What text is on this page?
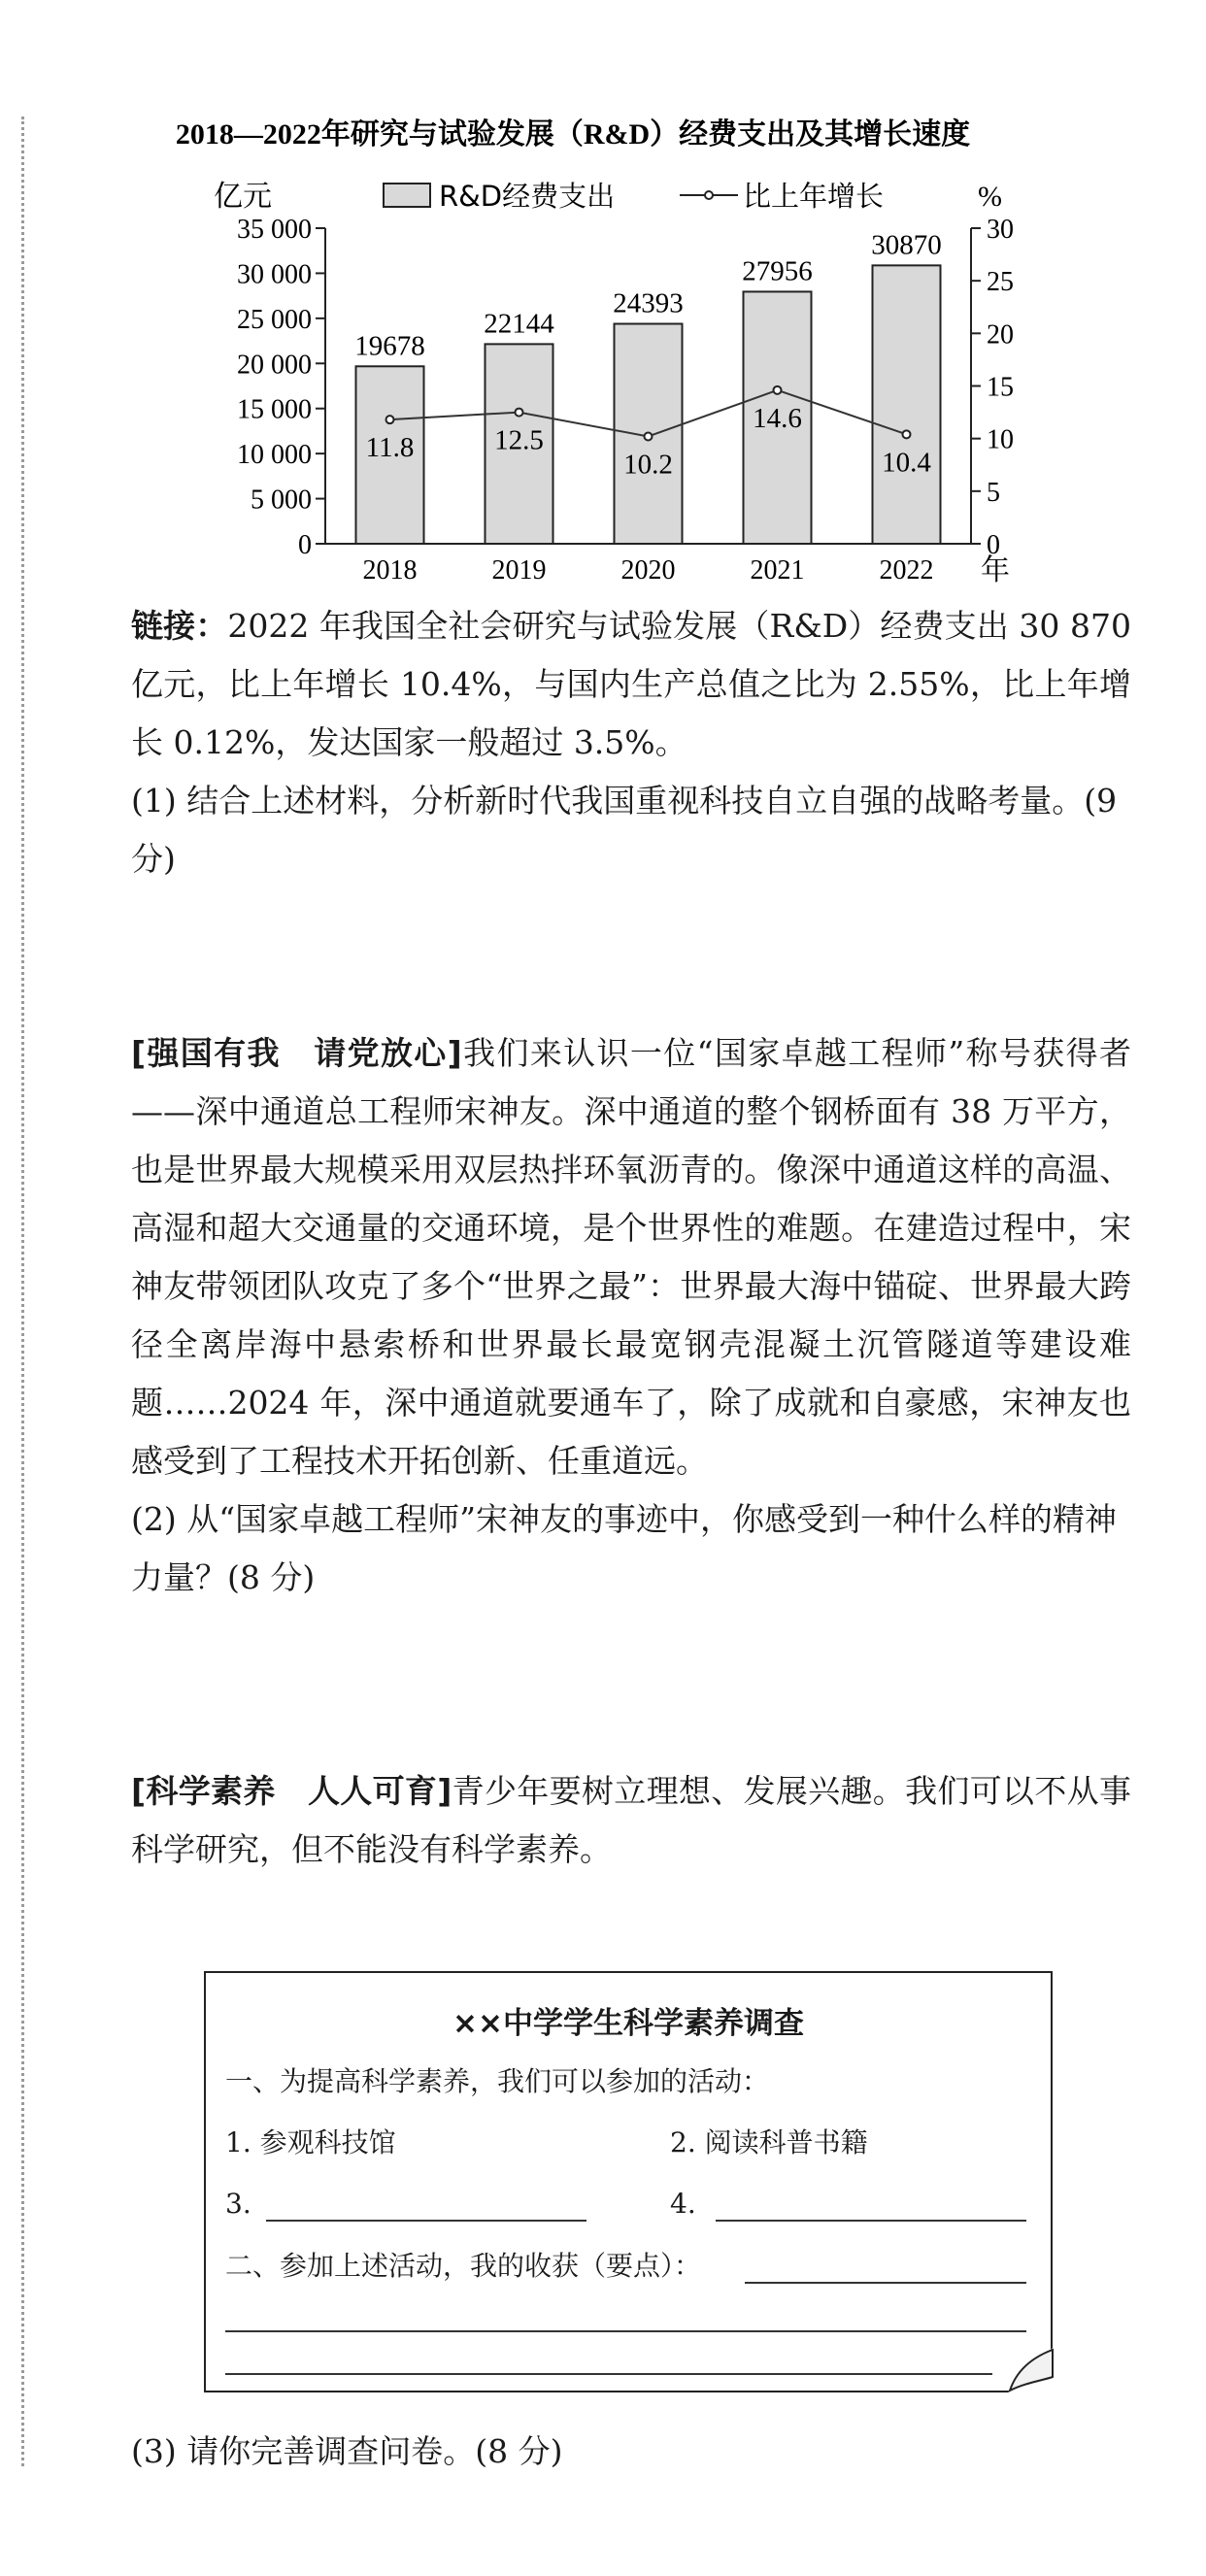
2018—2022年研究与试验发展（R&D）经费支出及其增长速度
亿元	%
年
0
5 000
10 000
15 000
20 000
25 000
30 000
35 000
0
5
10
15
20
25
30
19678
22144
24393
27956
30870
2018	2019	2020	2021	2022
11.8	12.5
10.2
14.6
10.4
R&D经费支出	比上年增长

链接：2022 年我国全社会研究与试验发展（R&D）经费支出 30 870 亿元，比上年增长 10.4%，与国内生产总值之比为 2.55%，比上年增长 0.12%，发达国家一般超过 3.5%。

(1) 结合上述材料，分析新时代我国重视科技自立自强的战略考量。(9 分)

[强国有我　请党放心]我们来认识一位“国家卓越工程师”称号获得者——深中通道总工程师宋神友。深中通道的整个钢桥面有 38 万平方，也是世界最大规模采用双层热拌环氧沥青的。像深中通道这样的高温、高湿和超大交通量的交通环境，是个世界性的难题。在建造过程中，宋神友带领团队攻克了多个“世界之最”：世界最大海中锚碇、世界最大跨径全离岸海中悬索桥和世界最长最宽钢壳混凝土沉管隧道等建设难题……2024 年，深中通道就要通车了，除了成就和自豪感，宋神友也感受到了工程技术开拓创新、任重道远。

(2) 从“国家卓越工程师”宋神友的事迹中，你感受到一种什么样的精神力量？(8 分)

[科学素养　人人可育]青少年要树立理想、发展兴趣。我们可以不从事科学研究，但不能没有科学素养。

××中学学生科学素养调查
一、为提高科学素养，我们可以参加的活动：
1. 参观科技馆	2. 阅读科普书籍
3.	4.
二、参加上述活动，我的收获（要点）：

(3) 请你完善调查问卷。(8 分)
